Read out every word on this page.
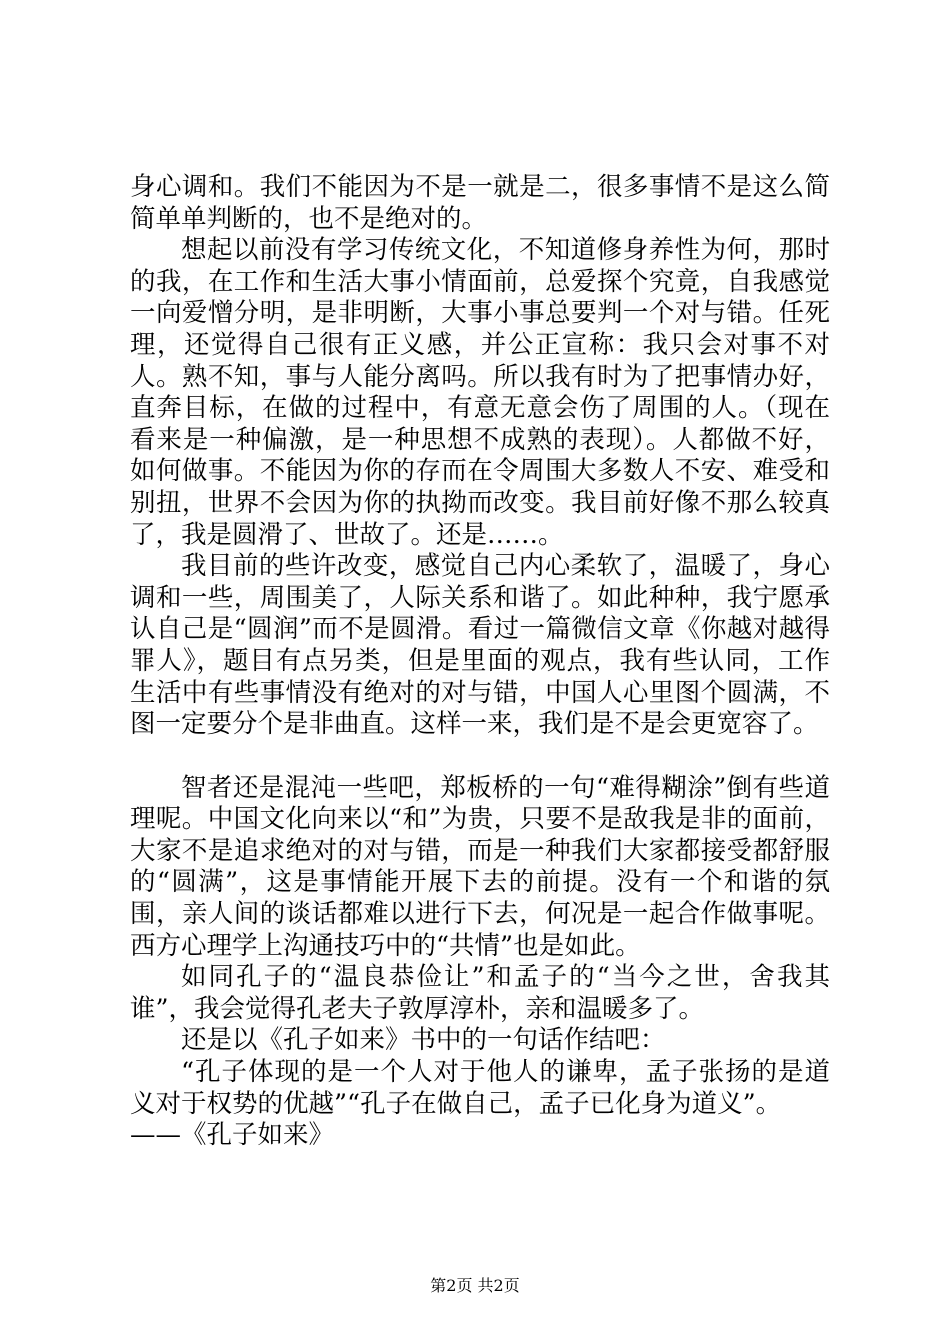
身心调和。我们不能因为不是一就是二，很多事情不是这么简简单单判断的，也不是绝对的。

想起以前没有学习传统文化，不知道修身养性为何，那时的我，在工作和生活大事小情面前，总爱探个究竟，自我感觉一向爱憎分明，是非明断，大事小事总要判一个对与错。任死理，还觉得自己很有正义感，并公正宣称：我只会对事不对人。熟不知，事与人能分离吗。所以我有时为了把事情办好，直奔目标，在做的过程中，有意无意会伤了周围的人。（现在看来是一种偏激，是一种思想不成熟的表现）。人都做不好，如何做事。不能因为你的存而在令周围大多数人不安、难受和别扭，世界不会因为你的执拗而改变。我目前好像不那么较真了，我是圆滑了、世故了。还是……。

我目前的些许改变，感觉自己内心柔软了，温暖了，身心调和一些，周围美了，人际关系和谐了。如此种种，我宁愿承认自己是“圆润”而不是圆滑。看过一篇微信文章《你越对越得罪人》，题目有点另类，但是里面的观点，我有些认同，工作生活中有些事情没有绝对的对与错，中国人心里图个圆满，不图一定要分个是非曲直。这样一来，我们是不是会更宽容了。

智者还是混沌一些吧，郑板桥的一句“难得糊涂”倒有些道理呢。中国文化向来以“和”为贵，只要不是敌我是非的面前，大家不是追求绝对的对与错，而是一种我们大家都接受都舒服的“圆满”，这是事情能开展下去的前提。没有一个和谐的氛围，亲人间的谈话都难以进行下去，何况是一起合作做事呢。西方心理学上沟通技巧中的“共情”也是如此。

如同孔子的“温良恭俭让”和孟子的“当今之世，舍我其谁”，我会觉得孔老夫子敦厚淳朴，亲和温暖多了。

还是以《孔子如来》书中的一句话作结吧：

“孔子体现的是一个人对于他人的谦卑，孟子张扬的是道义对于权势的优越”“孔子在做自己，孟子已化身为道义”。

——《孔子如来》

第2页 共2页
